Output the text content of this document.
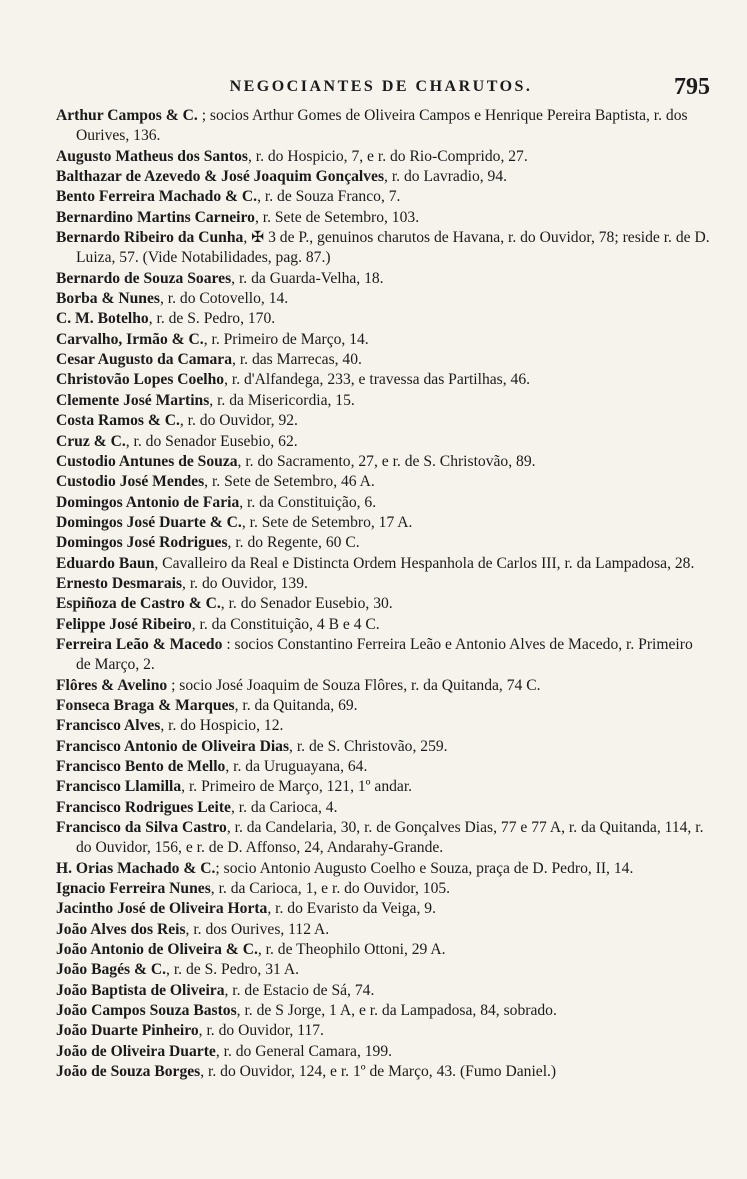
NEGOCIANTES DE CHARUTOS.	795
Arthur Campos & C. ; socios Arthur Gomes de Oliveira Campos e Henrique Pereira Baptista, r. dos Ourives, 136.
Augusto Matheus dos Santos, r. do Hospicio, 7, e r. do Rio-Comprido, 27.
Balthazar de Azevedo & José Joaquim Gonçalves, r. do Lavradio, 94.
Bento Ferreira Machado & C., r. de Souza Franco, 7.
Bernardino Martins Carneiro, r. Sete de Setembro, 103.
Bernardo Ribeiro da Cunha, ✠ 3 de P., genuinos charutos de Havana, r. do Ouvidor, 78; reside r. de D. Luiza, 57. (Vide Notabilidades, pag. 87.)
Bernardo de Souza Soares, r. da Guarda-Velha, 18.
Borba & Nunes, r. do Cotovello, 14.
C. M. Botelho, r. de S. Pedro, 170.
Carvalho, Irmão & C., r. Primeiro de Março, 14.
Cesar Augusto da Camara, r. das Marrecas, 40.
Christovão Lopes Coelho, r. d'Alfandega, 233, e travessa das Partilhas, 46.
Clemente José Martins, r. da Misericordia, 15.
Costa Ramos & C., r. do Ouvidor, 92.
Cruz & C., r. do Senador Eusebio, 62.
Custodio Antunes de Souza, r. do Sacramento, 27, e r. de S. Christovão, 89.
Custodio José Mendes, r. Sete de Setembro, 46 A.
Domingos Antonio de Faria, r. da Constituição, 6.
Domingos José Duarte & C., r. Sete de Setembro, 17 A.
Domingos José Rodrigues, r. do Regente, 60 C.
Eduardo Baun, Cavalleiro da Real e Distincta Ordem Hespanhola de Carlos III, r. da Lampadosa, 28.
Ernesto Desmarais, r. do Ouvidor, 139.
Espiñoza de Castro & C., r. do Senador Eusebio, 30.
Felippe José Ribeiro, r. da Constituição, 4 B e 4 C.
Ferreira Leão & Macedo : socios Constantino Ferreira Leão e Antonio Alves de Macedo, r. Primeiro de Março, 2.
Flôres & Avelino ; socio José Joaquim de Souza Flôres, r. da Quitanda, 74 C.
Fonseca Braga & Marques, r. da Quitanda, 69.
Francisco Alves, r. do Hospicio, 12.
Francisco Antonio de Oliveira Dias, r. de S. Christovão, 259.
Francisco Bento de Mello, r. da Uruguayana, 64.
Francisco Llamilla, r. Primeiro de Março, 121, 1º andar.
Francisco Rodrigues Leite, r. da Carioca, 4.
Francisco da Silva Castro, r. da Candelaria, 30, r. de Gonçalves Dias, 77 e 77 A, r. da Quitanda, 114, r. do Ouvidor, 156, e r. de D. Affonso, 24, Andarahy-Grande.
H. Orias Machado & C.; socio Antonio Augusto Coelho e Souza, praça de D. Pedro, II, 14.
Ignacio Ferreira Nunes, r. da Carioca, 1, e r. do Ouvidor, 105.
Jacintho José de Oliveira Horta, r. do Evaristo da Veiga, 9.
João Alves dos Reis, r. dos Ourives, 112 A.
João Antonio de Oliveira & C., r. de Theophilo Ottoni, 29 A.
João Bagés & C., r. de S. Pedro, 31 A.
João Baptista de Oliveira, r. de Estacio de Sá, 74.
João Campos Souza Bastos, r. de S Jorge, 1 A, e r. da Lampadosa, 84, sobrado.
João Duarte Pinheiro, r. do Ouvidor, 117.
João de Oliveira Duarte, r. do General Camara, 199.
João de Souza Borges, r. do Ouvidor, 124, e r. 1º de Março, 43. (Fumo Daniel.)
